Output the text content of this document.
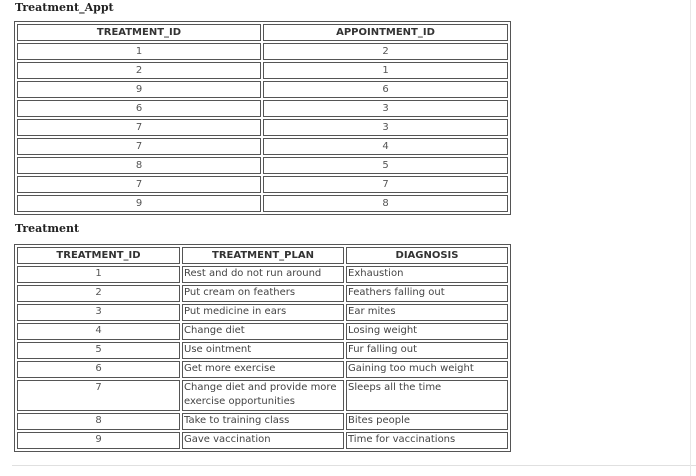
Treatment_Appt
TREATMENT_ID	APPOINTMENT_ID
1	2
2	1
9	6
6	3
7	3
7	4
8	5
7	7
9	8
Treatment
TREATMENT_ID	TREATMENT_PLAN	DIAGNOSIS
1	Rest and do not run around	Exhaustion
2	Put cream on feathers	Feathers falling out
3	Put medicine in ears	Ear mites
4	Change diet	Losing weight
5	Use ointment	Fur falling out
6	Get more exercise	Gaining too much weight
7	Change diet and provide more exercise opportunities	Sleeps all the time
8	Take to training class	Bites people
9	Gave vaccination	Time for vaccinations
